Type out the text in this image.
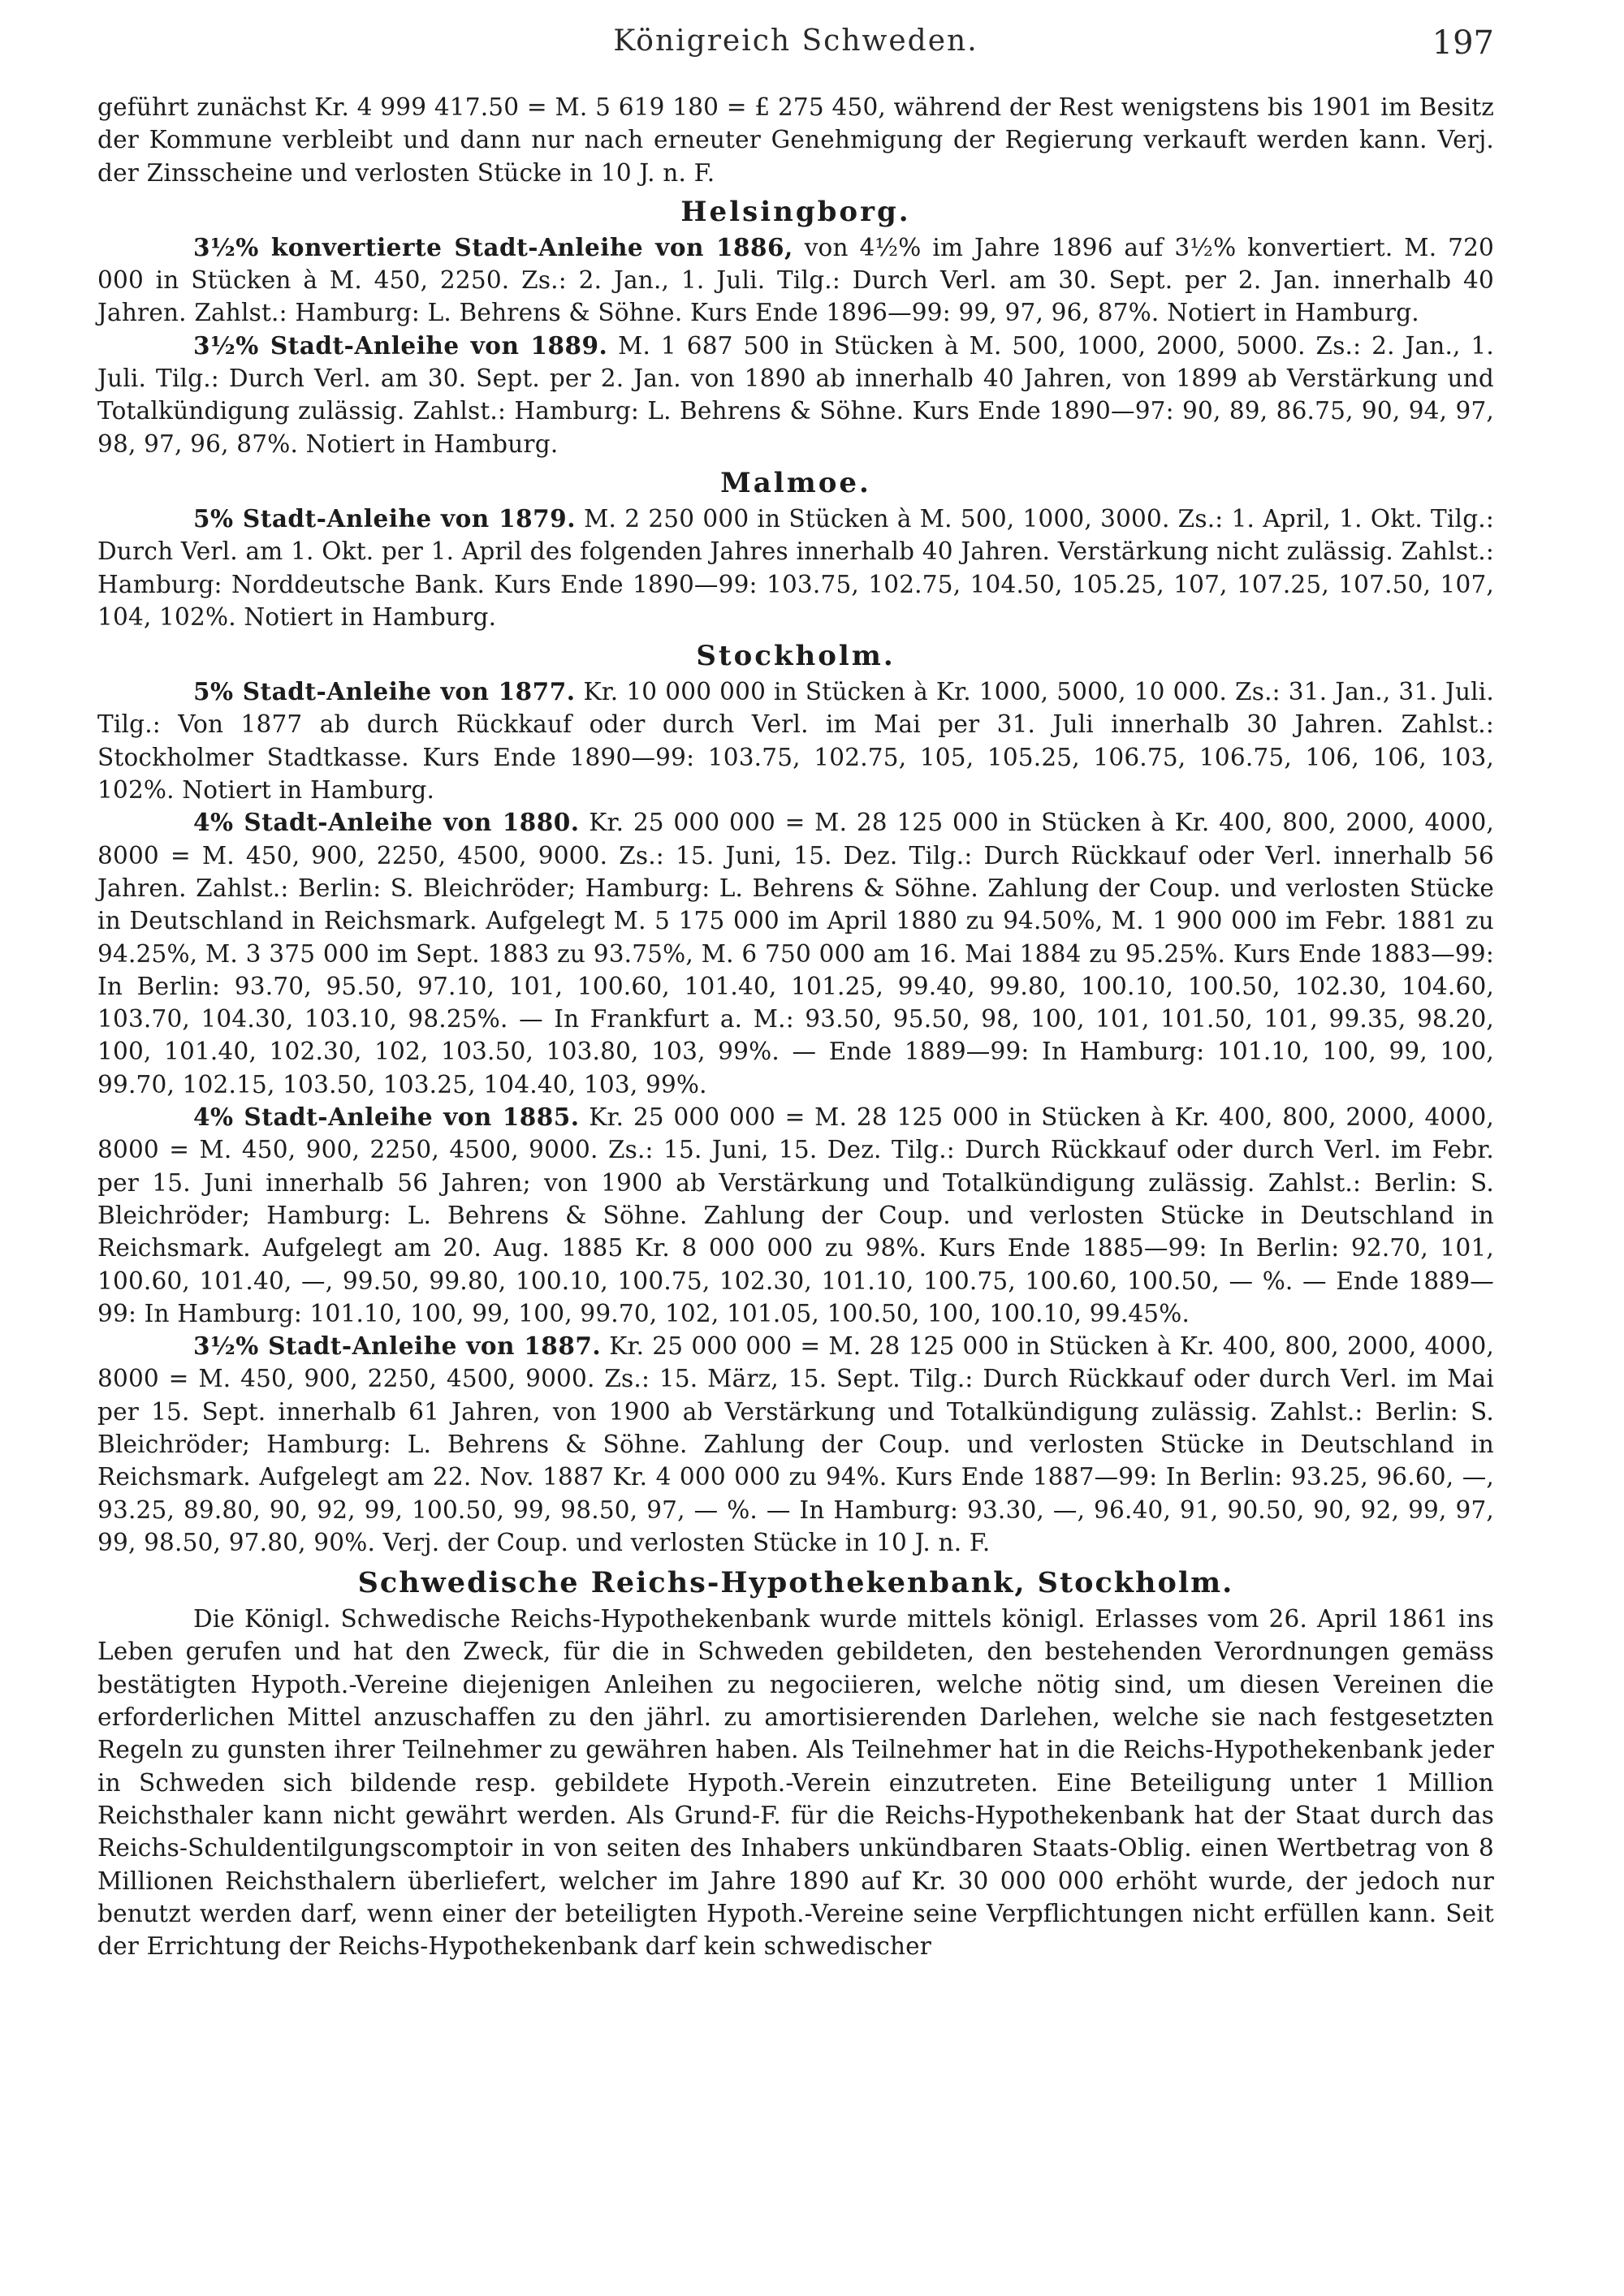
Königreich Schweden.	197

geführt zunächst Kr. 4 999 417.50 = M. 5 619 180 = £ 275 450, während der Rest wenigstens bis 1901 im Besitz der Kommune verbleibt und dann nur nach erneuter Genehmigung der Regierung verkauft werden kann. Verj. der Zinsscheine und verlosten Stücke in 10 J. n. F.

Helsingborg.

3½% konvertierte Stadt-Anleihe von 1886, von 4½% im Jahre 1896 auf 3½% konvertiert. M. 720 000 in Stücken à M. 450, 2250. Zs.: 2. Jan., 1. Juli. Tilg.: Durch Verl. am 30. Sept. per 2. Jan. innerhalb 40 Jahren. Zahlst.: Hamburg: L. Behrens & Söhne. Kurs Ende 1896—99: 99, 97, 96, 87%. Notiert in Hamburg.

3½% Stadt-Anleihe von 1889. M. 1 687 500 in Stücken à M. 500, 1000, 2000, 5000. Zs.: 2. Jan., 1. Juli. Tilg.: Durch Verl. am 30. Sept. per 2. Jan. von 1890 ab innerhalb 40 Jahren, von 1899 ab Verstärkung und Totalkündigung zulässig. Zahlst.: Hamburg: L. Behrens & Söhne. Kurs Ende 1890—97: 90, 89, 86.75, 90, 94, 97, 98, 97, 96, 87%. Notiert in Hamburg.

Malmoe.

5% Stadt-Anleihe von 1879. M. 2 250 000 in Stücken à M. 500, 1000, 3000. Zs.: 1. April, 1. Okt. Tilg.: Durch Verl. am 1. Okt. per 1. April des folgenden Jahres innerhalb 40 Jahren. Verstärkung nicht zulässig. Zahlst.: Hamburg: Norddeutsche Bank. Kurs Ende 1890—99: 103.75, 102.75, 104.50, 105.25, 107, 107.25, 107.50, 107, 104, 102%. Notiert in Hamburg.

Stockholm.

5% Stadt-Anleihe von 1877. Kr. 10 000 000 in Stücken à Kr. 1000, 5000, 10 000. Zs.: 31. Jan., 31. Juli. Tilg.: Von 1877 ab durch Rückkauf oder durch Verl. im Mai per 31. Juli innerhalb 30 Jahren. Zahlst.: Stockholmer Stadtkasse. Kurs Ende 1890—99: 103.75, 102.75, 105, 105.25, 106.75, 106.75, 106, 106, 103, 102%. Notiert in Hamburg.

4% Stadt-Anleihe von 1880. Kr. 25 000 000 = M. 28 125 000 in Stücken à Kr. 400, 800, 2000, 4000, 8000 = M. 450, 900, 2250, 4500, 9000. Zs.: 15. Juni, 15. Dez. Tilg.: Durch Rückkauf oder Verl. innerhalb 56 Jahren. Zahlst.: Berlin: S. Bleichröder; Hamburg: L. Behrens & Söhne. Zahlung der Coup. und verlosten Stücke in Deutschland in Reichsmark. Aufgelegt M. 5 175 000 im April 1880 zu 94.50%, M. 1 900 000 im Febr. 1881 zu 94.25%, M. 3 375 000 im Sept. 1883 zu 93.75%, M. 6 750 000 am 16. Mai 1884 zu 95.25%. Kurs Ende 1883—99: In Berlin: 93.70, 95.50, 97.10, 101, 100.60, 101.40, 101.25, 99.40, 99.80, 100.10, 100.50, 102.30, 104.60, 103.70, 104.30, 103.10, 98.25%. — In Frankfurt a. M.: 93.50, 95.50, 98, 100, 101, 101.50, 101, 99.35, 98.20, 100, 101.40, 102.30, 102, 103.50, 103.80, 103, 99%. — Ende 1889—99: In Hamburg: 101.10, 100, 99, 100, 99.70, 102.15, 103.50, 103.25, 104.40, 103, 99%.

4% Stadt-Anleihe von 1885. Kr. 25 000 000 = M. 28 125 000 in Stücken à Kr. 400, 800, 2000, 4000, 8000 = M. 450, 900, 2250, 4500, 9000. Zs.: 15. Juni, 15. Dez. Tilg.: Durch Rückkauf oder durch Verl. im Febr. per 15. Juni innerhalb 56 Jahren; von 1900 ab Verstärkung und Totalkündigung zulässig. Zahlst.: Berlin: S. Bleichröder; Hamburg: L. Behrens & Söhne. Zahlung der Coup. und verlosten Stücke in Deutschland in Reichsmark. Aufgelegt am 20. Aug. 1885 Kr. 8 000 000 zu 98%. Kurs Ende 1885—99: In Berlin: 92.70, 101, 100.60, 101.40, —, 99.50, 99.80, 100.10, 100.75, 102.30, 101.10, 100.75, 100.60, 100.50, — %. — Ende 1889—99: In Hamburg: 101.10, 100, 99, 100, 99.70, 102, 101.05, 100.50, 100, 100.10, 99.45%.

3½% Stadt-Anleihe von 1887. Kr. 25 000 000 = M. 28 125 000 in Stücken à Kr. 400, 800, 2000, 4000, 8000 = M. 450, 900, 2250, 4500, 9000. Zs.: 15. März, 15. Sept. Tilg.: Durch Rückkauf oder durch Verl. im Mai per 15. Sept. innerhalb 61 Jahren, von 1900 ab Verstärkung und Totalkündigung zulässig. Zahlst.: Berlin: S. Bleichröder; Hamburg: L. Behrens & Söhne. Zahlung der Coup. und verlosten Stücke in Deutschland in Reichsmark. Aufgelegt am 22. Nov. 1887 Kr. 4 000 000 zu 94%. Kurs Ende 1887—99: In Berlin: 93.25, 96.60, —, 93.25, 89.80, 90, 92, 99, 100.50, 99, 98.50, 97, — %. — In Hamburg: 93.30, —, 96.40, 91, 90.50, 90, 92, 99, 97, 99, 98.50, 97.80, 90%. Verj. der Coup. und verlosten Stücke in 10 J. n. F.

Schwedische Reichs-Hypothekenbank, Stockholm.

Die Königl. Schwedische Reichs-Hypothekenbank wurde mittels königl. Erlasses vom 26. April 1861 ins Leben gerufen und hat den Zweck, für die in Schweden gebildeten, den bestehenden Verordnungen gemäss bestätigten Hypoth.-Vereine diejenigen Anleihen zu negociieren, welche nötig sind, um diesen Vereinen die erforderlichen Mittel anzuschaffen zu den jährl. zu amortisierenden Darlehen, welche sie nach festgesetzten Regeln zu gunsten ihrer Teilnehmer zu gewähren haben. Als Teilnehmer hat in die Reichs-Hypothekenbank jeder in Schweden sich bildende resp. gebildete Hypoth.-Verein einzutreten. Eine Beteiligung unter 1 Million Reichsthaler kann nicht gewährt werden. Als Grund-F. für die Reichs-Hypothekenbank hat der Staat durch das Reichs-Schuldentilgungscomptoir in von seiten des Inhabers unkündbaren Staats-Oblig. einen Wertbetrag von 8 Millionen Reichsthalern überliefert, welcher im Jahre 1890 auf Kr. 30 000 000 erhöht wurde, der jedoch nur benutzt werden darf, wenn einer der beteiligten Hypoth.-Vereine seine Verpflichtungen nicht erfüllen kann. Seit der Errichtung der Reichs-Hypothekenbank darf kein schwedischer
